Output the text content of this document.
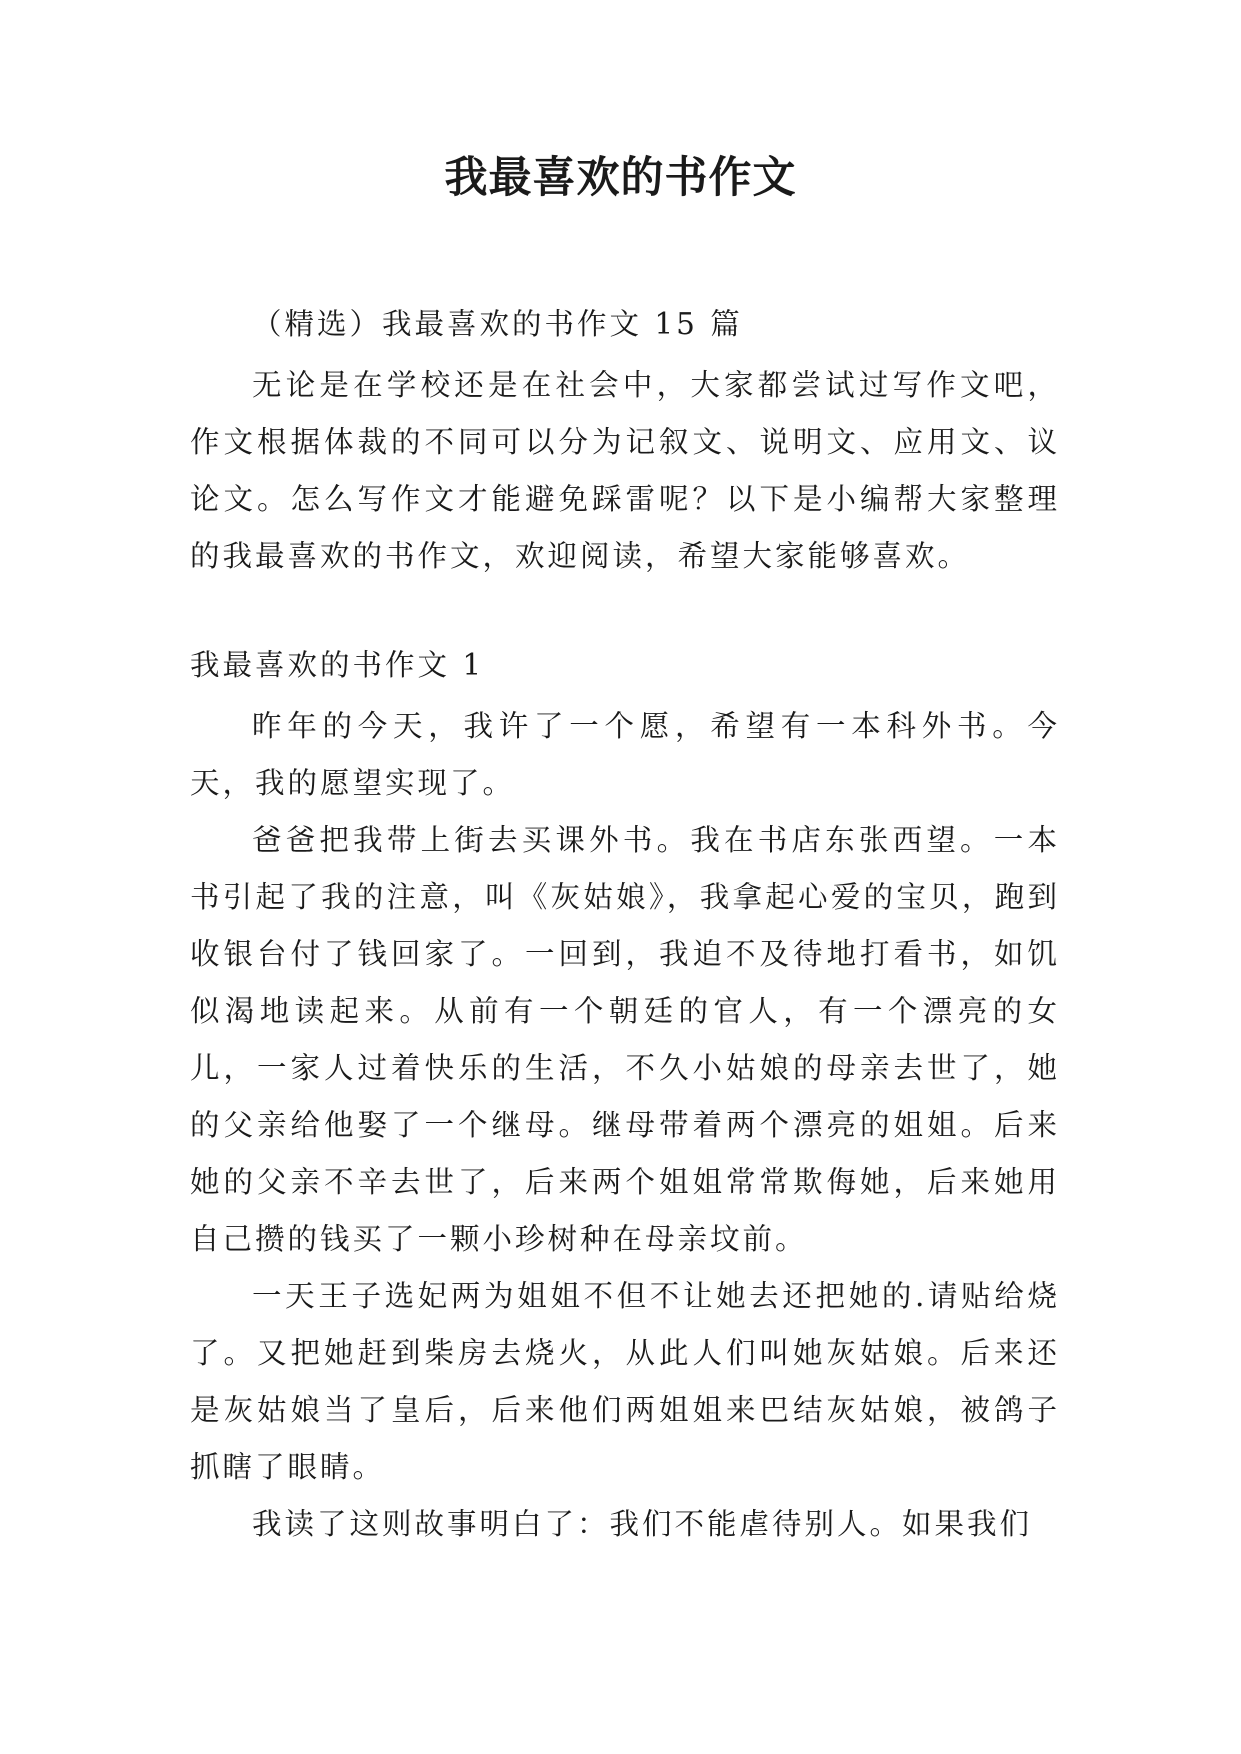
我最喜欢的书作文

（精选）我最喜欢的书作文 15 篇

无论是在学校还是在社会中，大家都尝试过写作文吧，作文根据体裁的不同可以分为记叙文、说明文、应用文、议论文。怎么写作文才能避免踩雷呢？以下是小编帮大家整理的我最喜欢的书作文，欢迎阅读，希望大家能够喜欢。

我最喜欢的书作文 1

昨年的今天，我许了一个愿，希望有一本科外书。今天，我的愿望实现了。

爸爸把我带上街去买课外书。我在书店东张西望。一本书引起了我的注意，叫《灰姑娘》，我拿起心爱的宝贝，跑到收银台付了钱回家了。一回到，我迫不及待地打看书，如饥似渴地读起来。从前有一个朝廷的官人，有一个漂亮的女儿，一家人过着快乐的生活，不久小姑娘的母亲去世了，她的父亲给他娶了一个继母。继母带着两个漂亮的姐姐。后来她的父亲不辛去世了，后来两个姐姐常常欺侮她，后来她用自己攒的钱买了一颗小珍树种在母亲坟前。

一天王子选妃两为姐姐不但不让她去还把她的.请贴给烧了。又把她赶到柴房去烧火，从此人们叫她灰姑娘。后来还是灰姑娘当了皇后，后来他们两姐姐来巴结灰姑娘，被鸽子抓瞎了眼睛。

我读了这则故事明白了：我们不能虐待别人。如果我们
